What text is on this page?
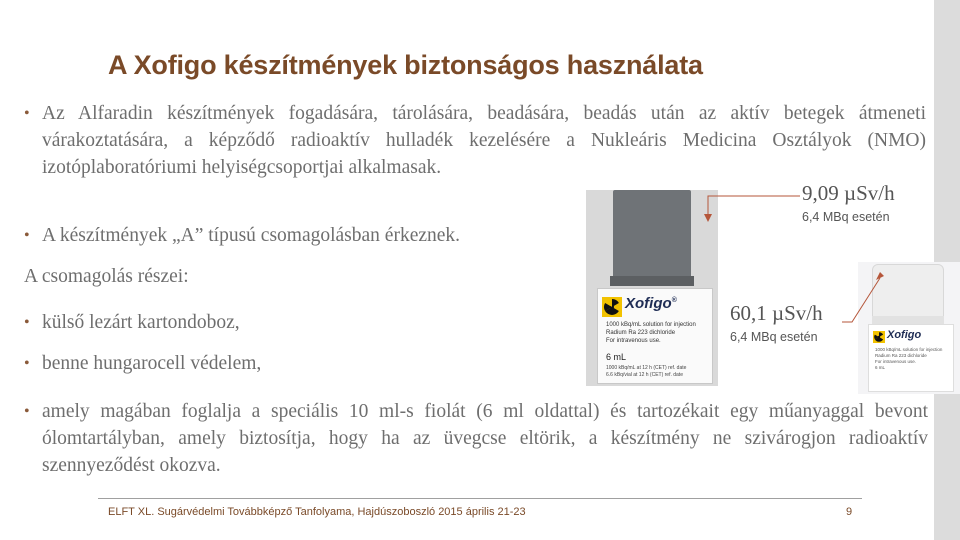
A Xofigo készítmények biztonságos használata
• Az Alfaradin készítmények fogadására, tárolására, beadására, beadás után az aktív betegek átmeneti várakoztatására, a képződő radioaktív hulladék kezelésére a Nukleáris Medicina Osztályok (NMO) izotóplaboratóriumi helyiségcsoportjai alkalmasak.
• A készítmények „A” típusú csomagolásban érkeznek.
A csomagolás részei:
• külső lezárt kartondoboz,
• benne hungarocell védelem,
• amely magában foglalja a speciális 10 ml-s fiolát (6 ml oldattal) és tartozékait egy műanyaggal bevont ólomtartályban, amely biztosítja, hogy ha az üvegcse eltörik, a készítmény ne szivárogjon radioaktív szennyeződést okozva.
Xofigo®
1000 kBq/mL solution for injection
Radium Ra 223 dichloride
For intravenous use.
6 mL
1000 kBq/mL at 12 h (CET) ref. date
6.6 kBq/vial at 12 h (CET) ref. date
Xofigo
1000 kBq/mL solution for injection
Radium Ra 223 dichloride
For intravenous use.
6 mL
9,09 µSv/h
6,4 MBq esetén
60,1 µSv/h
6,4 MBq esetén
ELFT XL. Sugárvédelmi Továbbképző Tanfolyama, Hajdúszoboszló 2015 április 21-23	9
